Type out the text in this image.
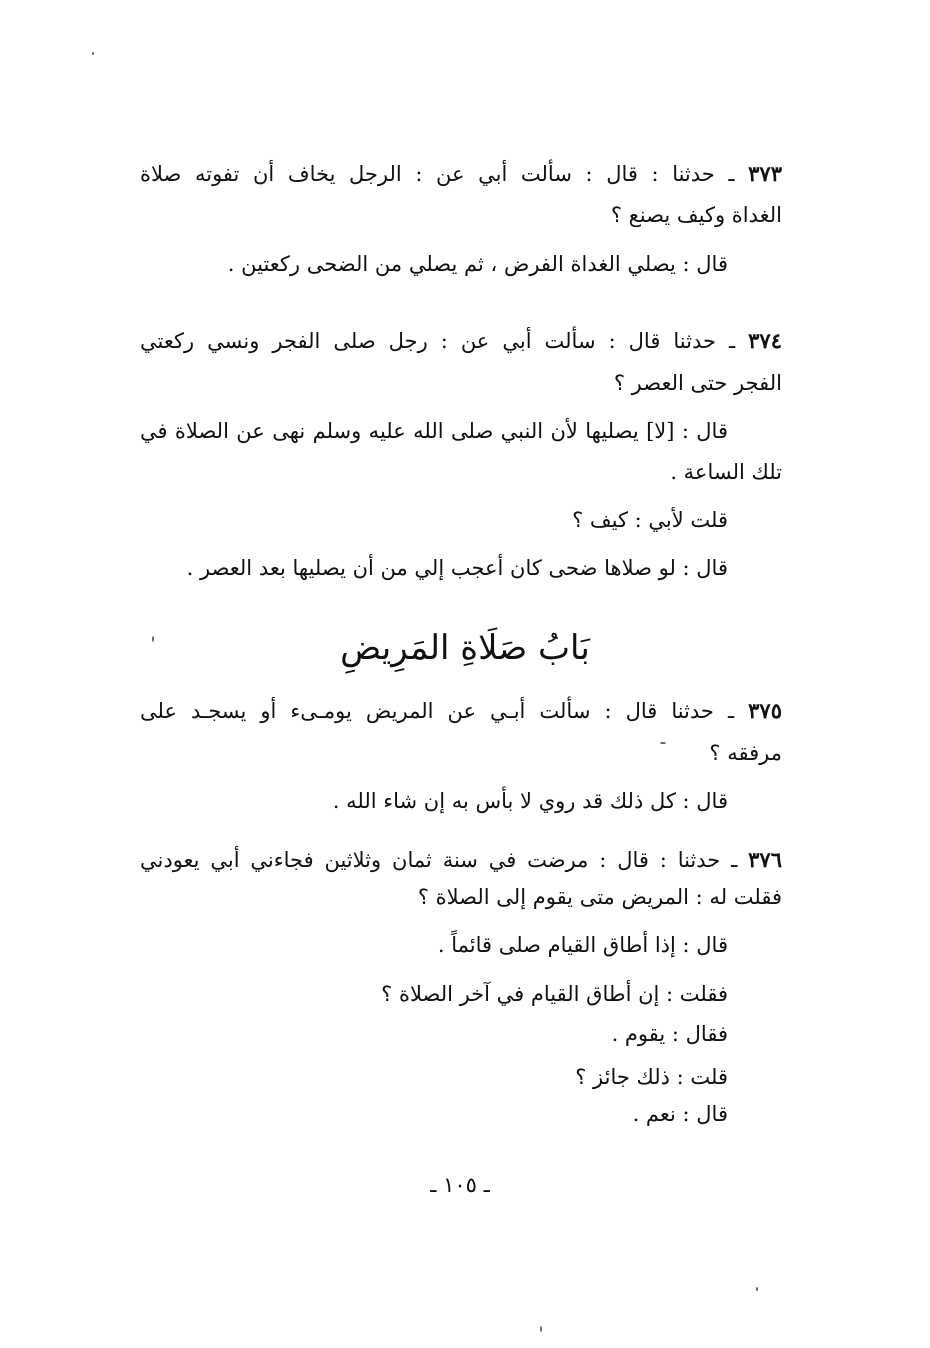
٣٧٣ ـ حدثنا : قال : سألت أبي عن : الرجل يخاف أن تفوته صلاة
الغداة وكيف يصنع ؟
قال : يصلي الغداة الفرض ، ثم يصلي من الضحى ركعتين .
٣٧٤ ـ حدثنا قال : سألت أبي عن : رجل صلى الفجر ونسي ركعتي
الفجر حتى العصر ؟
قال : [لا] يصليها لأن النبي صلى الله عليه وسلم نهى عن الصلاة في
تلك الساعة .
قلت لأبي : كيف ؟
قال : لو صلاها ضحى كان أعجب إلي من أن يصليها بعد العصر .
بَابُ صَلَاةِ المَرِيضِ
٣٧٥ ـ حدثنا قال : سألت أبـي عن المريض يومـىء أو يسجـد على
مرفقه ؟
قال : كل ذلك قد روي لا بأس به إن شاء الله .
٣٧٦ ـ حدثنا : قال : مرضت في سنة ثمان وثلاثين فجاءني أبي يعودني
فقلت له : المريض متى يقوم إلى الصلاة ؟
قال : إذا أطاق القيام صلى قائماً .
فقلت : إن أطاق القيام في آخر الصلاة ؟
فقال : يقوم .
قلت : ذلك جائز ؟
قال : نعم .
ـ ١٠٥ ـ
